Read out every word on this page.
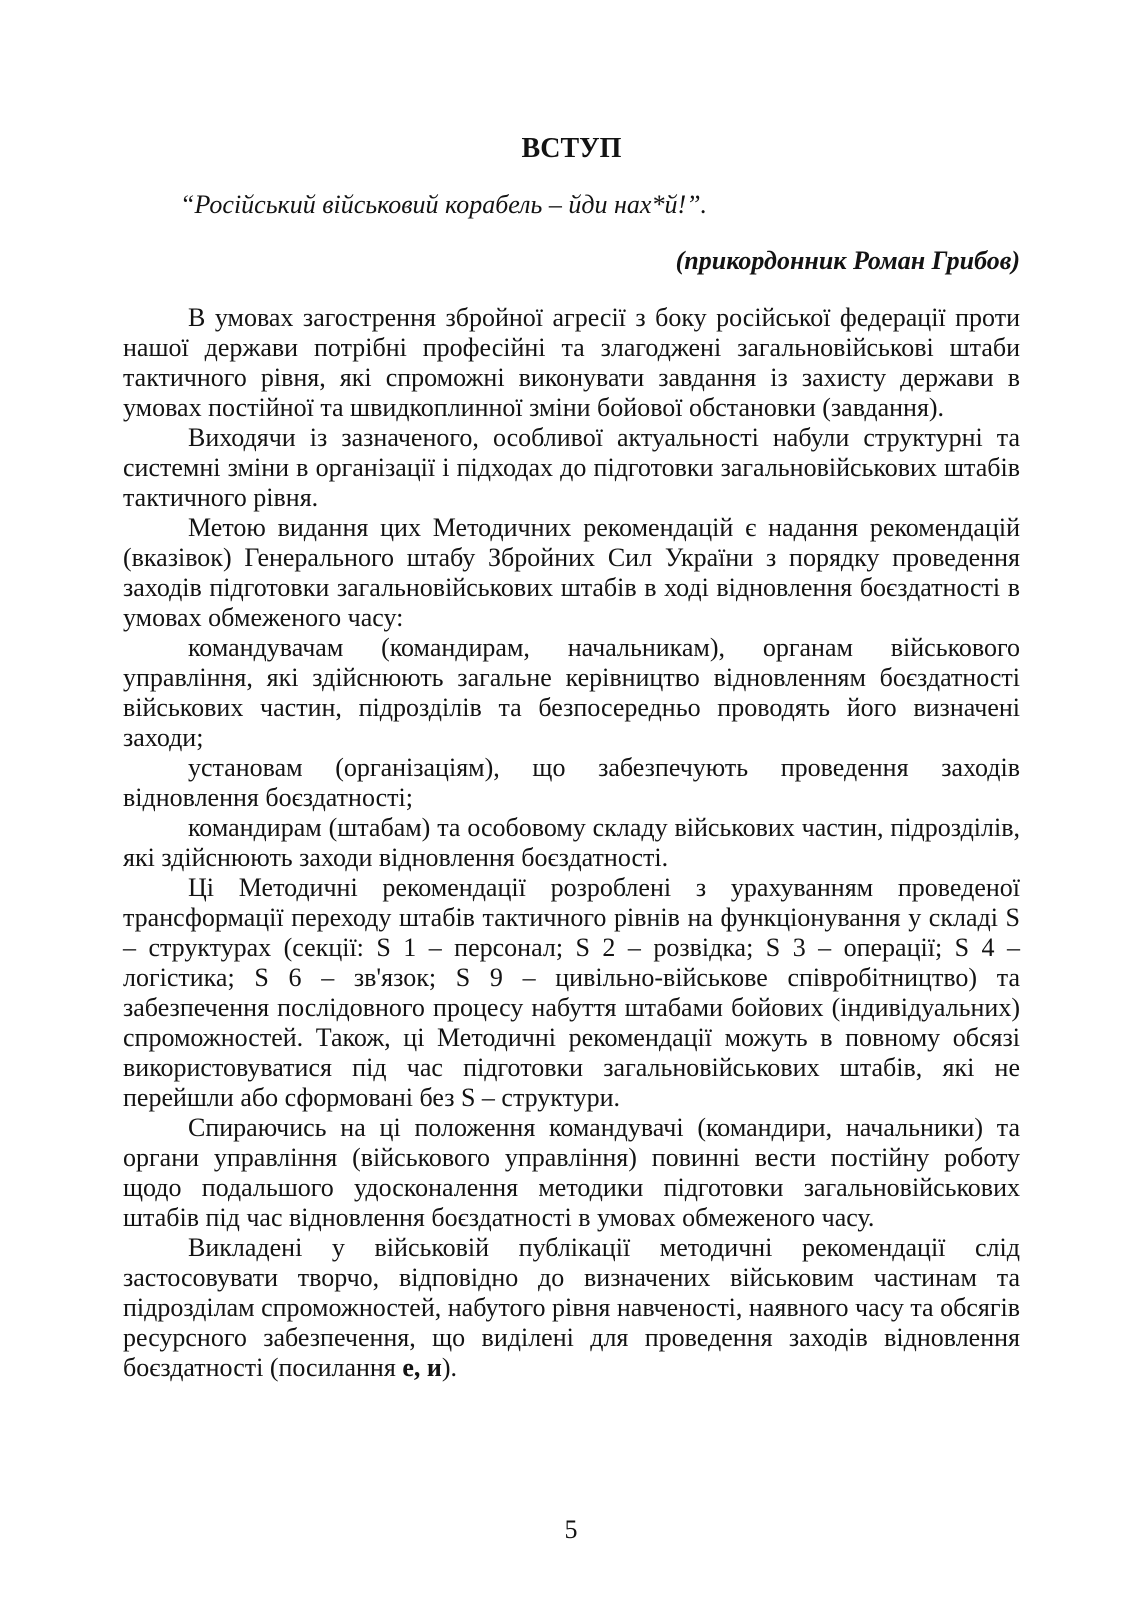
ВСТУП

“Російський військовий корабель – йди нах*й!”.

(прикордонник Роман Грибов)

В умовах загострення збройної агресії з боку російської федерації проти нашої держави потрібні професійні та злагоджені загальновійськові штаби тактичного рівня, які спроможні виконувати завдання із захисту держави в умовах постійної та швидкоплинної зміни бойової обстановки (завдання).

Виходячи із зазначеного, особливої актуальності набули структурні та системні зміни в організації і підходах до підготовки загальновійськових штабів тактичного рівня.

Метою видання цих Методичних рекомендацій є надання рекомендацій (вказівок) Генерального штабу Збройних Сил України з порядку проведення заходів підготовки загальновійськових штабів в ході відновлення боєздатності в умовах обмеженого часу:

командувачам (командирам, начальникам), органам військового управління, які здійснюють загальне керівництво відновленням боєздатності військових частин, підрозділів та безпосередньо проводять його визначені заходи;

установам (організаціям), що забезпечують проведення заходів відновлення боєздатності;

командирам (штабам) та особовому складу військових частин, підрозділів, які здійснюють заходи відновлення боєздатності.

Ці Методичні рекомендації розроблені з урахуванням проведеної трансформації переходу штабів тактичного рівнів на функціонування у складі S – структурах (секції: S 1 – персонал; S 2 – розвідка; S 3 – операції; S 4 – логістика; S 6 – зв'язок; S 9 – цивільно-військове співробітництво) та забезпечення послідовного процесу набуття штабами бойових (індивідуальних) спроможностей. Також, ці Методичні рекомендації можуть в повному обсязі використовуватися під час підготовки загальновійськових штабів, які не перейшли або сформовані без S – структури.

Спираючись на ці положення командувачі (командири, начальники) та органи управління (військового управління) повинні вести постійну роботу щодо подальшого удосконалення методики підготовки загальновійськових штабів під час відновлення боєздатності в умовах обмеженого часу.

Викладені у військовій публікації методичні рекомендації слід застосовувати творчо, відповідно до визначених військовим частинам та підрозділам спроможностей, набутого рівня навченості, наявного часу та обсягів ресурсного забезпечення, що виділені для проведення заходів відновлення боєздатності (посилання е, и).

5
